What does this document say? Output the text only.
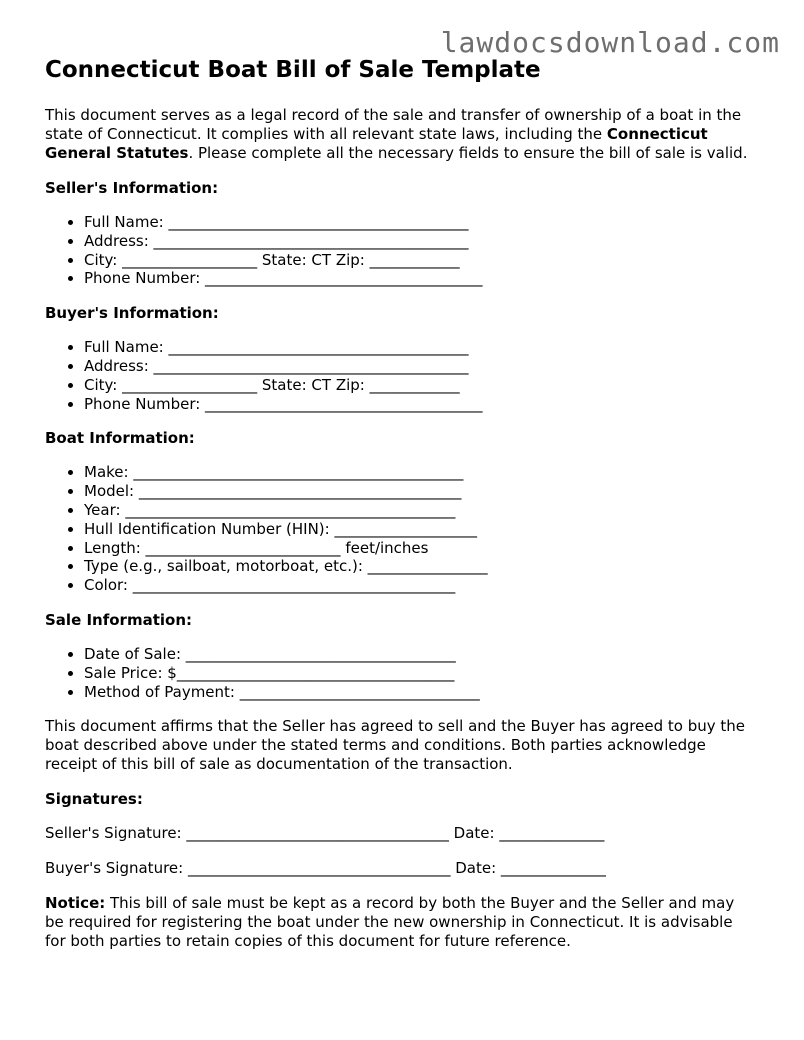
lawdocsdownload.com
Connecticut Boat Bill of Sale Template

This document serves as a legal record of the sale and transfer of ownership of a boat in the state of Connecticut. It complies with all relevant state laws, including the Connecticut General Statutes. Please complete all the necessary fields to ensure the bill of sale is valid.

Seller's Information:
• Full Name: ________________________________________
• Address: __________________________________________
• City: __________________ State: CT Zip: ____________
• Phone Number: _____________________________________
Buyer's Information:
• Full Name: ________________________________________
• Address: __________________________________________
• City: __________________ State: CT Zip: ____________
• Phone Number: _____________________________________
Boat Information:
• Make: ____________________________________________
• Model: ___________________________________________
• Year: ____________________________________________
• Hull Identification Number (HIN): ___________________
• Length: __________________________ feet/inches
• Type (e.g., sailboat, motorboat, etc.): ________________
• Color: ___________________________________________
Sale Information:
• Date of Sale: ____________________________________
• Sale Price: $_____________________________________
• Method of Payment: ________________________________

This document affirms that the Seller has agreed to sell and the Buyer has agreed to buy the boat described above under the stated terms and conditions. Both parties acknowledge receipt of this bill of sale as documentation of the transaction.

Signatures:

Seller's Signature: ___________________________________ Date: ______________

Buyer's Signature: ___________________________________ Date: ______________

Notice: This bill of sale must be kept as a record by both the Buyer and the Seller and may be required for registering the boat under the new ownership in Connecticut. It is advisable for both parties to retain copies of this document for future reference.
